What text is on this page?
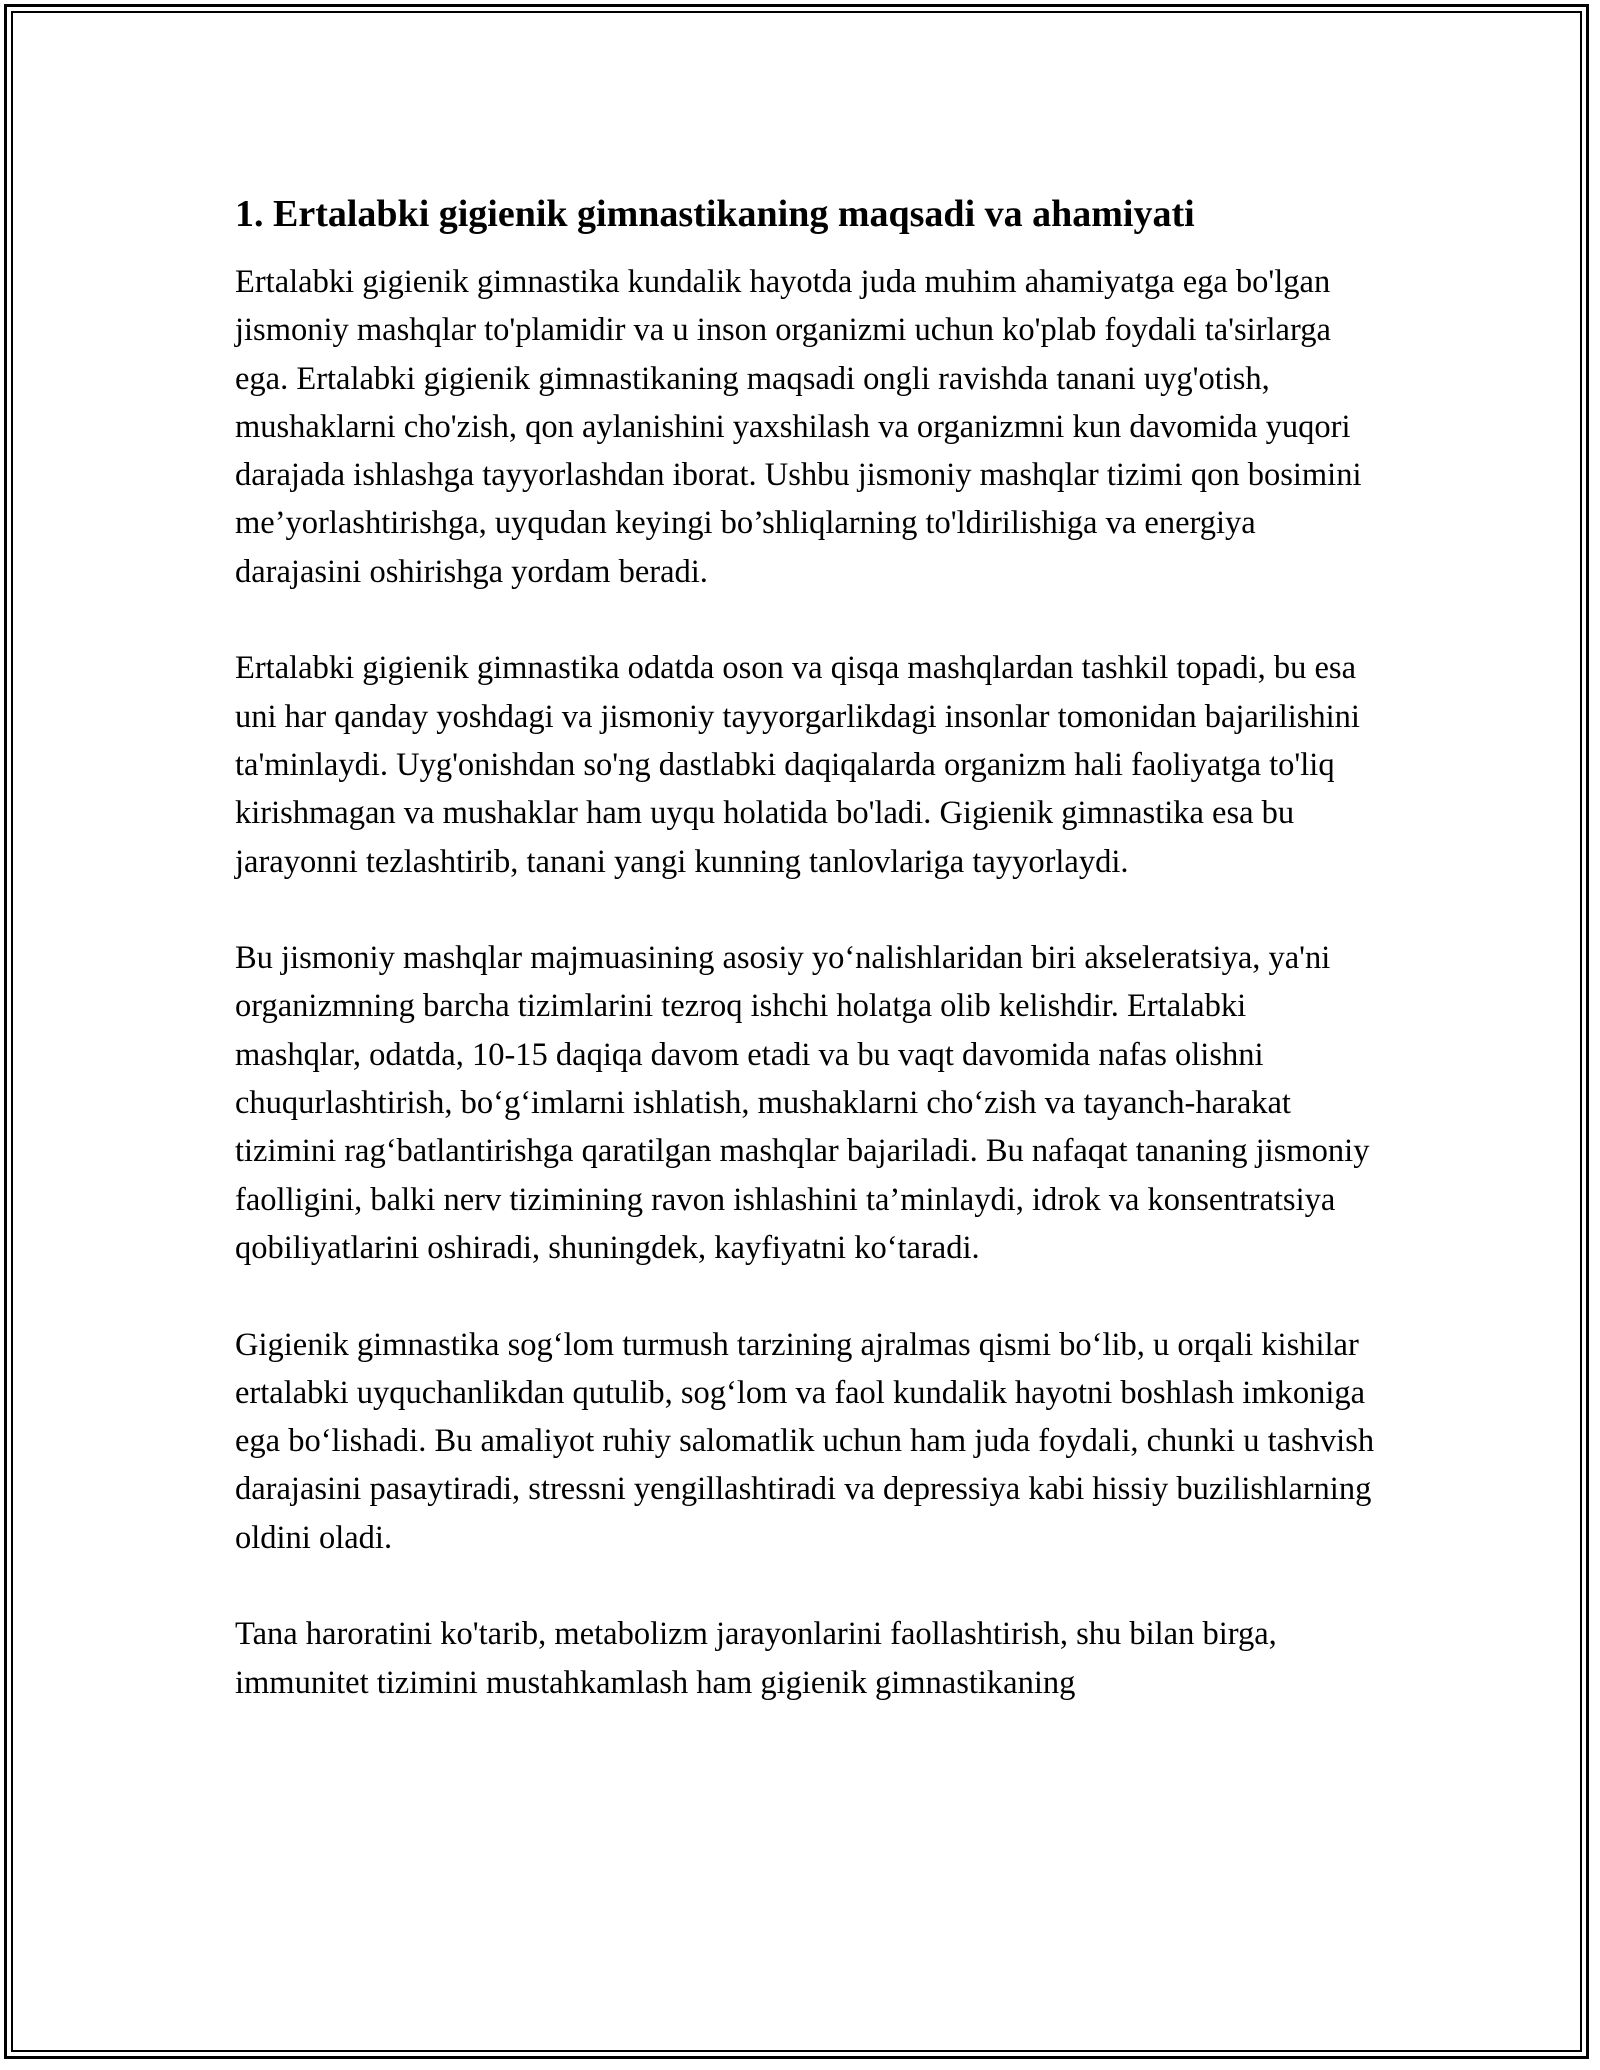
1. Ertalabki gigienik gimnastikaning maqsadi va ahamiyati

Ertalabki gigienik gimnastika kundalik hayotda juda muhim ahamiyatga ega bo'lgan jismoniy mashqlar to'plamidir va u inson organizmi uchun ko'plab foydali ta'sirlarga ega. Ertalabki gigienik gimnastikaning maqsadi ongli ravishda tanani uyg'otish, mushaklarni cho'zish, qon aylanishini yaxshilash va organizmni kun davomida yuqori darajada ishlashga tayyorlashdan iborat. Ushbu jismoniy mashqlar tizimi qon bosimini me’yorlashtirishga, uyqudan keyingi bo’shliqlarning to'ldirilishiga va energiya darajasini oshirishga yordam beradi.

Ertalabki gigienik gimnastika odatda oson va qisqa mashqlardan tashkil topadi, bu esa uni har qanday yoshdagi va jismoniy tayyorgarlikdagi insonlar tomonidan bajarilishini ta'minlaydi. Uyg'onishdan so'ng dastlabki daqiqalarda organizm hali faoliyatga to'liq kirishmagan va mushaklar ham uyqu holatida bo'ladi. Gigienik gimnastika esa bu jarayonni tezlashtirib, tanani yangi kunning tanlovlariga tayyorlaydi.

Bu jismoniy mashqlar majmuasining asosiy yo‘nalishlaridan biri akseleratsiya, ya'ni organizmning barcha tizimlarini tezroq ishchi holatga olib kelishdir. Ertalabki mashqlar, odatda, 10-15 daqiqa davom etadi va bu vaqt davomida nafas olishni chuqurlashtirish, bo‘g‘imlarni ishlatish, mushaklarni cho‘zish va tayanch-harakat tizimini rag‘batlantirishga qaratilgan mashqlar bajariladi. Bu nafaqat tananing jismoniy faolligini, balki nerv tizimining ravon ishlashini ta’minlaydi, idrok va konsentratsiya qobiliyatlarini oshiradi, shuningdek, kayfiyatni ko‘taradi.

Gigienik gimnastika sog‘lom turmush tarzining ajralmas qismi bo‘lib, u orqali kishilar ertalabki uyquchanlikdan qutulib, sog‘lom va faol kundalik hayotni boshlash imkoniga ega bo‘lishadi. Bu amaliyot ruhiy salomatlik uchun ham juda foydali, chunki u tashvish darajasini pasaytiradi, stressni yengillashtiradi va depressiya kabi hissiy buzilishlarning oldini oladi.

Tana haroratini ko'tarib, metabolizm jarayonlarini faollashtirish, shu bilan birga, immunitet tizimini mustahkamlash ham gigienik gimnastikaning
